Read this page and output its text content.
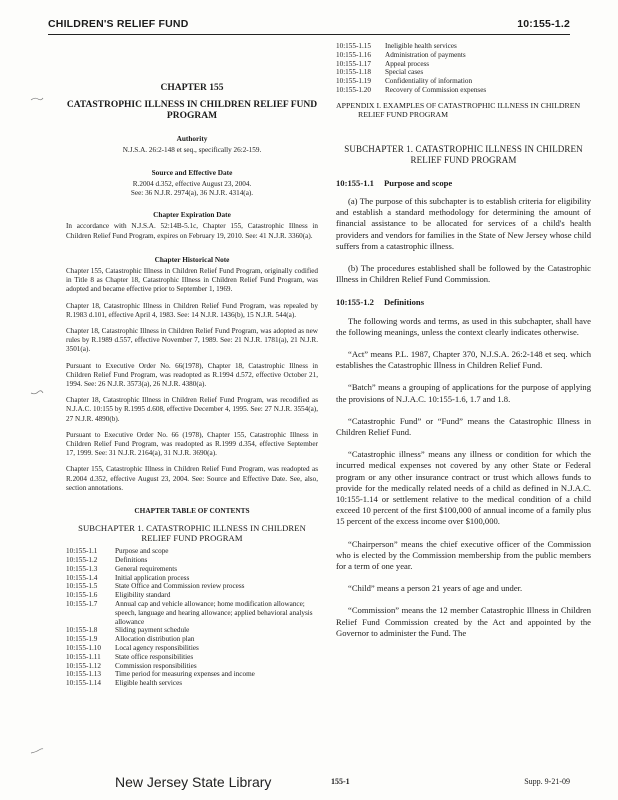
CHILDREN'S RELIEF FUND	10:155-1.2
CHAPTER 155
CATASTROPHIC ILLNESS IN CHILDREN RELIEF FUND PROGRAM
Authority
N.J.S.A. 26:2-148 et seq., specifically 26:2-159.
Source and Effective Date
R.2004 d.352, effective August 23, 2004.
See: 36 N.J.R. 2974(a), 36 N.J.R. 4314(a).
Chapter Expiration Date
In accordance with N.J.S.A. 52:14B-5.1c, Chapter 155, Catastrophic Illness in Children Relief Fund Program, expires on February 19, 2010. See: 41 N.J.R. 3360(a).
Chapter Historical Note
Chapter 155, Catastrophic Illness in Children Relief Fund Program, originally codified in Title 8 as Chapter 18, Catastrophic Illness in Children Relief Fund Program, was adopted and became effective prior to September 1, 1969.
Chapter 18, Catastrophic Illness in Children Relief Fund Program, was repealed by R.1983 d.101, effective April 4, 1983. See: 14 N.J.R. 1436(b), 15 N.J.R. 544(a).
Chapter 18, Catastrophic Illness in Children Relief Fund Program, was adopted as new rules by R.1989 d.557, effective November 7, 1989. See: 21 N.J.R. 1781(a), 21 N.J.R. 3501(a).
Pursuant to Executive Order No. 66(1978), Chapter 18, Catastrophic Illness in Children Relief Fund Program, was readopted as R.1994 d.572, effective October 21, 1994. See: 26 N.J.R. 3573(a), 26 N.J.R. 4380(a).
Chapter 18, Catastrophic Illness in Children Relief Fund Program, was recodified as N.J.A.C. 10:155 by R.1995 d.608, effective December 4, 1995. See: 27 N.J.R. 3554(a), 27 N.J.R. 4890(b).
Pursuant to Executive Order No. 66 (1978), Chapter 155, Catastrophic Illness in Children Relief Fund Program, was readopted as R.1999 d.354, effective September 17, 1999. See: 31 N.J.R. 2164(a), 31 N.J.R. 3690(a).
Chapter 155, Catastrophic Illness in Children Relief Fund Program, was readopted as R.2004 d.352, effective August 23, 2004. See: Source and Effective Date. See, also, section annotations.
CHAPTER TABLE OF CONTENTS
SUBCHAPTER 1. CATASTROPHIC ILLNESS IN CHILDREN RELIEF FUND PROGRAM
10:155-1.1	Purpose and scope
10:155-1.2	Definitions
10:155-1.3	General requirements
10:155-1.4	Initial application process
10:155-1.5	State Office and Commission review process
10:155-1.6	Eligibility standard
10:155-1.7	Annual cap and vehicle allowance; home modification allowance; speech, language and hearing allowance; applied behavioral analysis allowance
10:155-1.8	Sliding payment schedule
10:155-1.9	Allocation distribution plan
10:155-1.10	Local agency responsibilities
10:155-1.11	State office responsibilities
10:155-1.12	Commission responsibilities
10:155-1.13	Time period for measuring expenses and income
10:155-1.14	Eligible health services
10:155-1.15	Ineligible health services
10:155-1.16	Administration of payments
10:155-1.17	Appeal process
10:155-1.18	Special cases
10:155-1.19	Confidentiality of information
10:155-1.20	Recovery of Commission expenses
APPENDIX I. EXAMPLES OF CATASTROPHIC ILLNESS IN CHILDREN RELIEF FUND PROGRAM
SUBCHAPTER 1. CATASTROPHIC ILLNESS IN CHILDREN RELIEF FUND PROGRAM
10:155-1.1 Purpose and scope
(a) The purpose of this subchapter is to establish criteria for eligibility and establish a standard methodology for determining the amount of financial assistance to be allocated for services of a child's health providers and vendors for families in the State of New Jersey whose child suffers from a catastrophic illness.
(b) The procedures established shall be followed by the Catastrophic Illness in Children Relief Fund Commission.
10:155-1.2 Definitions
The following words and terms, as used in this subchapter, shall have the following meanings, unless the context clearly indicates otherwise.
“Act” means P.L. 1987, Chapter 370, N.J.S.A. 26:2-148 et seq. which establishes the Catastrophic Illness in Children Relief Fund.
“Batch” means a grouping of applications for the purpose of applying the provisions of N.J.A.C. 10:155-1.6, 1.7 and 1.8.
“Catastrophic Fund” or “Fund” means the Catastrophic Illness in Children Relief Fund.
“Catastrophic illness” means any illness or condition for which the incurred medical expenses not covered by any other State or Federal program or any other insurance contract or trust which allows funds to provide for the medically related needs of a child as defined in N.J.A.C. 10:155-1.14 or settlement relative to the medical condition of a child exceed 10 percent of the first $100,000 of annual income of a family plus 15 percent of the excess income over $100,000.
“Chairperson” means the chief executive officer of the Commission who is elected by the Commission membership from the public members for a term of one year.
“Child” means a person 21 years of age and under.
“Commission” means the 12 member Catastrophic Illness in Children Relief Fund Commission created by the Act and appointed by the Governor to administer the Fund. The
New Jersey State Library	155-1	Supp. 9-21-09
